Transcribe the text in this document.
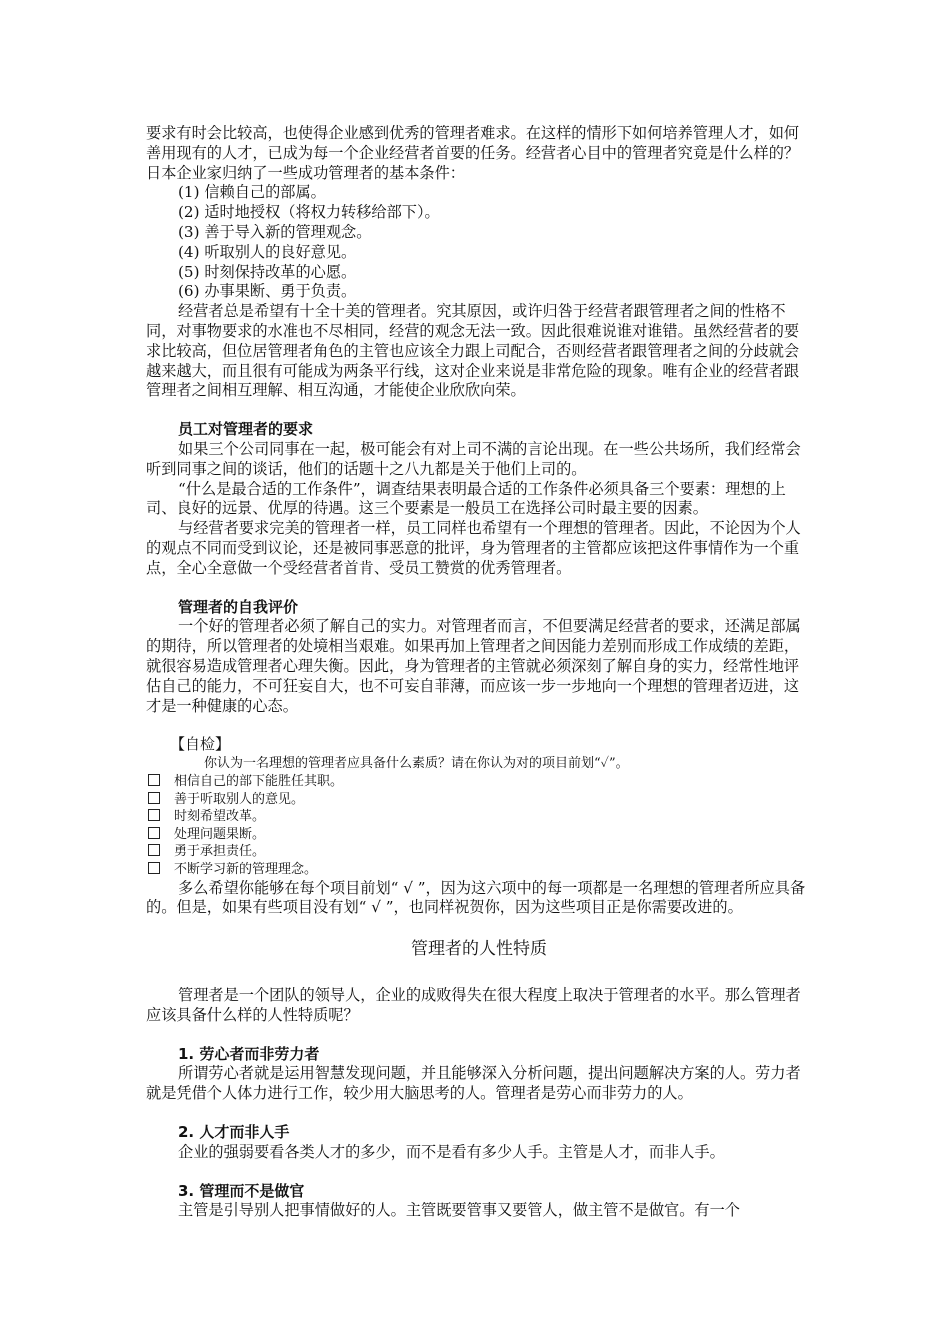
要求有时会比较高，也使得企业感到优秀的管理者难求。在这样的情形下如何培养管理人才，如何善用现有的人才，已成为每一个企业经营者首要的任务。经营者心目中的管理者究竟是什么样的？日本企业家归纳了一些成功管理者的基本条件：

(1) 信赖自己的部属。

(2) 适时地授权（将权力转移给部下）。

(3) 善于导入新的管理观念。

(4) 听取别人的良好意见。

(5) 时刻保持改革的心愿。

(6) 办事果断、勇于负责。

经营者总是希望有十全十美的管理者。究其原因，或许归咎于经营者跟管理者之间的性格不同，对事物要求的水准也不尽相同，经营的观念无法一致。因此很难说谁对谁错。虽然经营者的要求比较高，但位居管理者角色的主管也应该全力跟上司配合，否则经营者跟管理者之间的分歧就会越来越大，而且很有可能成为两条平行线，这对企业来说是非常危险的现象。唯有企业的经营者跟管理者之间相互理解、相互沟通，才能使企业欣欣向荣。

员工对管理者的要求

如果三个公司同事在一起，极可能会有对上司不满的言论出现。在一些公共场所，我们经常会听到同事之间的谈话，他们的话题十之八九都是关于他们上司的。

“什么是最合适的工作条件”，调查结果表明最合适的工作条件必须具备三个要素：理想的上司、良好的远景、优厚的待遇。这三个要素是一般员工在选择公司时最主要的因素。

与经营者要求完美的管理者一样，员工同样也希望有一个理想的管理者。因此，不论因为个人的观点不同而受到议论，还是被同事恶意的批评，身为管理者的主管都应该把这件事情作为一个重点，全心全意做一个受经营者首肯、受员工赞赏的优秀管理者。

管理者的自我评价

一个好的管理者必须了解自己的实力。对管理者而言，不但要满足经营者的要求，还满足部属的期待，所以管理者的处境相当艰难。如果再加上管理者之间因能力差别而形成工作成绩的差距，就很容易造成管理者心理失衡。因此，身为管理者的主管就必须深刻了解自身的实力，经常性地评估自己的能力，不可狂妄自大，也不可妄自菲薄，而应该一步一步地向一个理想的管理者迈进，这才是一种健康的心态。

【自检】

你认为一名理想的管理者应具备什么素质？请在你认为对的项目前划“✓”。

相信自己的部下能胜任其职。
善于听取别人的意见。
时刻希望改革。
处理问题果断。
勇于承担责任。
不断学习新的管理理念。

多么希望你能够在每个项目前划“ √ ”，因为这六项中的每一项都是一名理想的管理者所应具备的。但是，如果有些项目没有划“ √ ”，也同样祝贺你，因为这些项目正是你需要改进的。

管理者的人性特质

管理者是一个团队的领导人，企业的成败得失在很大程度上取决于管理者的水平。那么管理者应该具备什么样的人性特质呢？

1. 劳心者而非劳力者

所谓劳心者就是运用智慧发现问题，并且能够深入分析问题，提出问题解决方案的人。劳力者就是凭借个人体力进行工作，较少用大脑思考的人。管理者是劳心而非劳力的人。

2. 人才而非人手

企业的强弱要看各类人才的多少，而不是看有多少人手。主管是人才，而非人手。

3. 管理而不是做官

主管是引导别人把事情做好的人。主管既要管事又要管人，做主管不是做官。有一个
